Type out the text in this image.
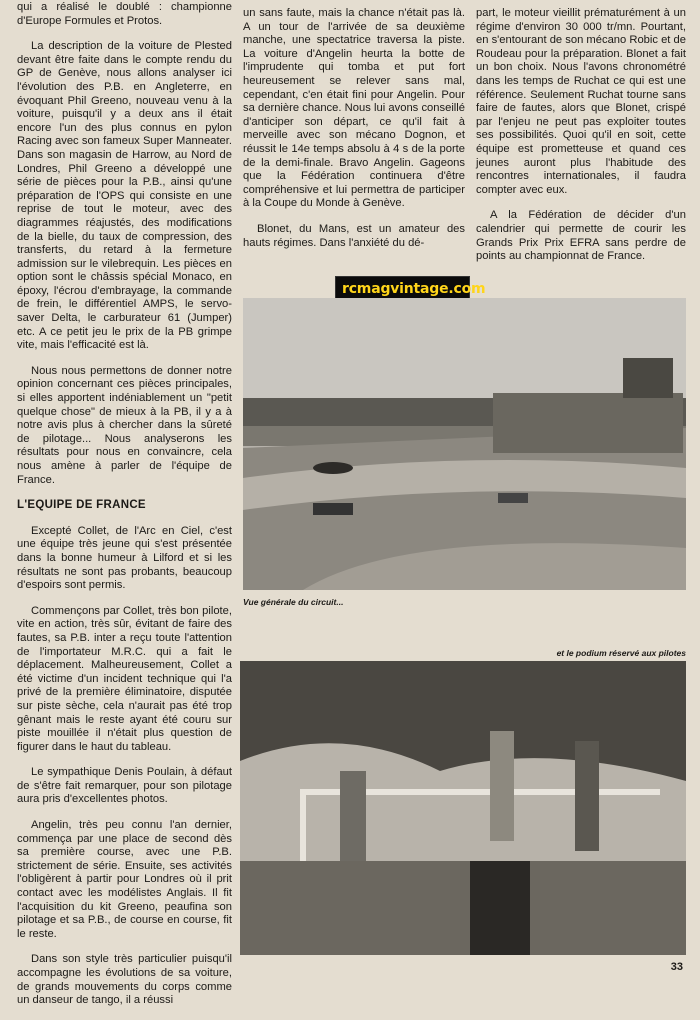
qui a réalisé le doublé : championne d'Europe Formules et Protos.

La description de la voiture de Plested devant être faite dans le compte rendu du GP de Genève, nous allons analyser ici l'évolution des P.B. en Angleterre, en évoquant Phil Greeno, nouveau venu à la voiture, puisqu'il y a deux ans il était encore l'un des plus connus en pylon Racing avec son fameux Super Manneater. Dans son magasin de Harrow, au Nord de Londres, Phil Greeno a développé une série de pièces pour la P.B., ainsi qu'une préparation de l'OPS qui consiste en une reprise de tout le moteur, avec des diagrammes réajustés, des modifications de la bielle, du taux de compression, des transferts, du retard à la fermeture admission sur le vilebrequin. Les pièces en option sont le châssis spécial Monaco, en époxy, l'écrou d'embrayage, la commande de frein, le différentiel AMPS, le servo-saver Delta, le carburateur 61 (Jumper) etc. A ce petit jeu le prix de la PB grimpe vite, mais l'efficacité est là.

Nous nous permettons de donner notre opinion concernant ces pièces principales, si elles apportent indéniablement un "petit quelque chose" de mieux à la PB, il y a à notre avis plus à chercher dans la sûreté de pilotage... Nous analyserons les résultats pour nous en convaincre, cela nous amène à parler de l'équipe de France.

L'EQUIPE DE FRANCE

Excepté Collet, de l'Arc en Ciel, c'est une équipe très jeune qui s'est présentée dans la bonne humeur à Lilford et si les résultats ne sont pas probants, beaucoup d'espoirs sont permis.

Commençons par Collet, très bon pilote, vite en action, très sûr, évitant de faire des fautes, sa P.B. inter a reçu toute l'attention de l'importateur M.R.C. qui a fait le déplacement. Malheureusement, Collet a été victime d'un incident technique qui l'a privé de la première éliminatoire, disputée sur piste sèche, cela n'aurait pas été trop gênant mais le reste ayant été couru sur piste mouillée il n'était plus question de figurer dans le haut du tableau.

Le sympathique Denis Poulain, à défaut de s'être fait remarquer, pour son pilotage aura pris d'excellentes photos.

Angelin, très peu connu l'an dernier, commença par une place de second dès sa première course, avec une P.B. strictement de série. Ensuite, ses activités l'obligèrent à partir pour Londres où il prit contact avec les modélistes Anglais. Il fit l'acquisition du kit Greeno, peaufina son pilotage et sa P.B., de course en course, fit le reste.

Dans son style très particulier puisqu'il accompagne les évolutions de sa voiture, de grands mouvements du corps comme un danseur de tango, il a réussi

un sans faute, mais la chance n'était pas là. A un tour de l'arrivée de sa deuxième manche, une spectatrice traversa la piste. La voiture d'Angelin heurta la botte de l'imprudente qui tomba et put fort heureusement se relever sans mal, cependant, c'en était fini pour Angelin. Pour sa dernière chance. Nous lui avons conseillé d'anticiper son départ, ce qu'il fait à merveille avec son mécano Dognon, et réussit le 14e temps absolu à 4 s de la porte de la demi-finale. Bravo Angelin. Gageons que la Fédération continuera d'être compréhensive et lui permettra de participer à la Coupe du Monde à Genève.

Blonet, du Mans, est un amateur des hauts régimes. Dans l'anxiété du dé-

part, le moteur vieillit prématurément à un régime d'environ 30 000 tr/mn. Pourtant, en s'entourant de son mécano Robic et de Roudeau pour la préparation. Blonet a fait un bon choix. Nous l'avons chronométré dans les temps de Ruchat ce qui est une référence. Seulement Ruchat tourne sans faire de fautes, alors que Blonet, crispé par l'enjeu ne peut pas exploiter toutes ses possibilités. Quoi qu'il en soit, cette équipe est prometteuse et quand ces jeunes auront plus l'habitude des rencontres internationales, il faudra compter avec eux.

A la Fédération de décider d'un calendrier qui permette de courir les Grands Prix Prix EFRA sans perdre de points au championnat de France.

rcmagvintage.com
Vue générale du circuit...
et le podium réservé aux pilotes
33
